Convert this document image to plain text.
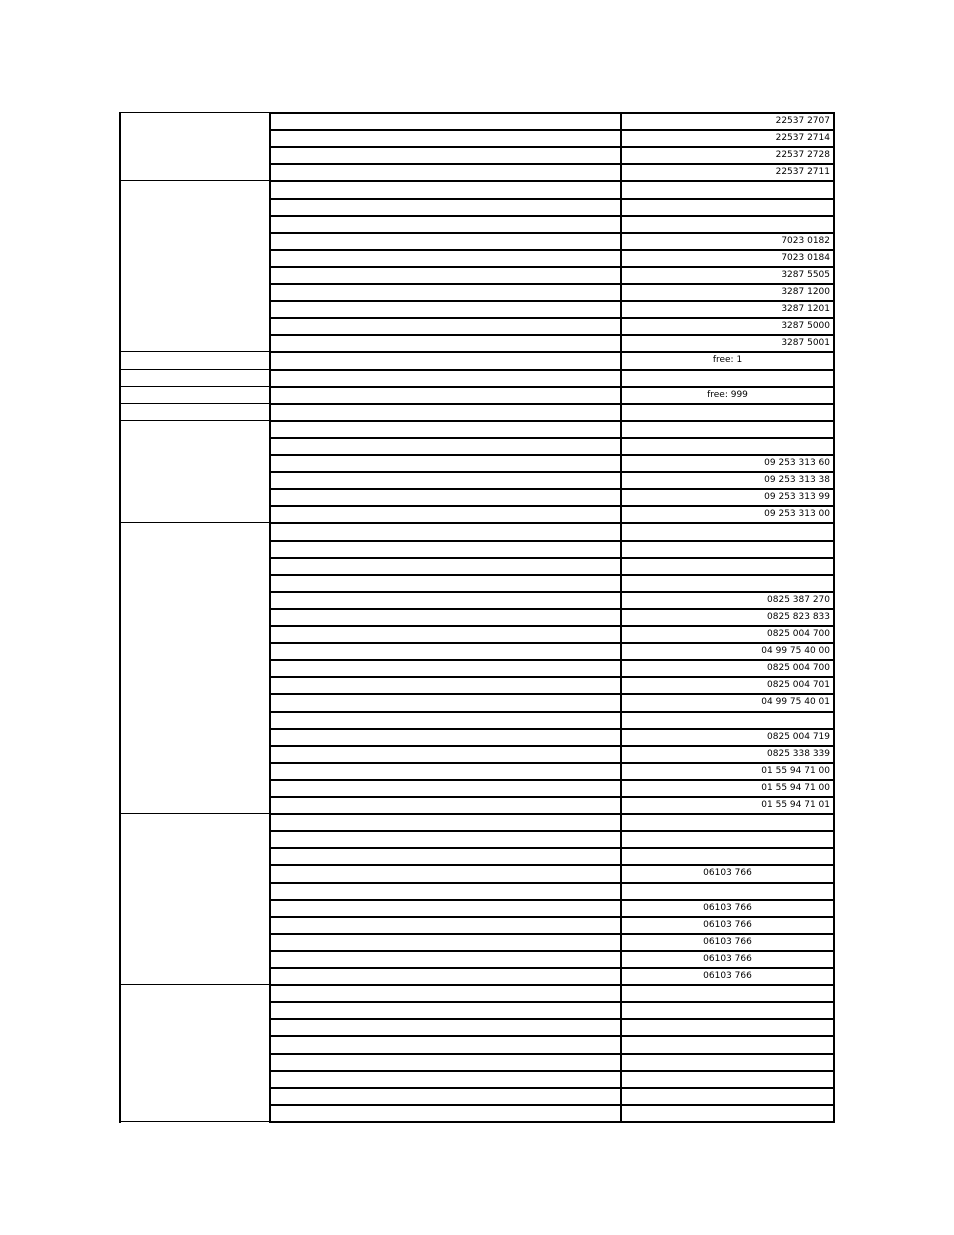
22537 2707
22537 2714
22537 2728
22537 2711
7023 0182
7023 0184
3287 5505
3287 1200
3287 1201
3287 5000
3287 5001
free: 1
free: 999
09 253 313 60
09 253 313 38
09 253 313 99
09 253 313 00
0825 387 270
0825 823 833
0825 004 700
04 99 75 40 00
0825 004 700
0825 004 701
04 99 75 40 01
0825 004 719
0825 338 339
01 55 94 71 00
01 55 94 71 00
01 55 94 71 01
06103 766
06103 766
06103 766
06103 766
06103 766
06103 766
